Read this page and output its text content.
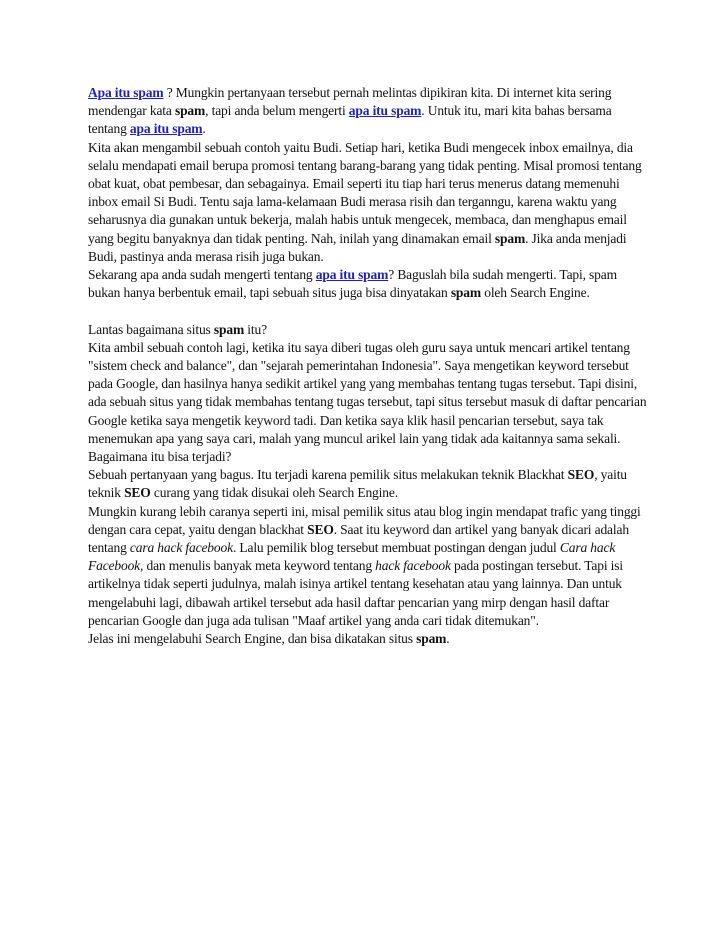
Apa itu spam ? Mungkin pertanyaan tersebut pernah melintas dipikiran kita. Di internet kita sering mendengar kata spam, tapi anda belum mengerti apa itu spam. Untuk itu, mari kita bahas bersama tentang apa itu spam.

Kita akan mengambil sebuah contoh yaitu Budi. Setiap hari, ketika Budi mengecek inbox emailnya, dia selalu mendapati email berupa promosi tentang barang-barang yang tidak penting. Misal promosi tentang obat kuat, obat pembesar, dan sebagainya. Email seperti itu tiap hari terus menerus datang memenuhi inbox email Si Budi. Tentu saja lama-kelamaan Budi merasa risih dan terganngu, karena waktu yang seharusnya dia gunakan untuk bekerja, malah habis untuk mengecek, membaca, dan menghapus email yang begitu banyaknya dan tidak penting. Nah, inilah yang dinamakan email spam. Jika anda menjadi Budi, pastinya anda merasa risih juga bukan.

Sekarang apa anda sudah mengerti tentang apa itu spam? Baguslah bila sudah mengerti. Tapi, spam bukan hanya berbentuk email, tapi sebuah situs juga bisa dinyatakan spam oleh Search Engine.

Lantas bagaimana situs spam itu?

Kita ambil sebuah contoh lagi, ketika itu saya diberi tugas oleh guru saya untuk mencari artikel tentang "sistem check and balance", dan "sejarah pemerintahan Indonesia". Saya mengetikan keyword tersebut pada Google, dan hasilnya hanya sedikit artikel yang yang membahas tentang tugas tersebut. Tapi disini, ada sebuah situs yang tidak membahas tentang tugas tersebut, tapi situs tersebut masuk di daftar pencarian Google ketika saya mengetik keyword tadi. Dan ketika saya klik hasil pencarian tersebut, saya tak menemukan apa yang saya cari, malah yang muncul arikel lain yang tidak ada kaitannya sama sekali.

Bagaimana itu bisa terjadi?

Sebuah pertanyaan yang bagus. Itu terjadi karena pemilik situs melakukan teknik Blackhat SEO, yaitu teknik SEO curang yang tidak disukai oleh Search Engine.

Mungkin kurang lebih caranya seperti ini, misal pemilik situs atau blog ingin mendapat trafic yang tinggi dengan cara cepat, yaitu dengan blackhat SEO. Saat itu keyword dan artikel yang banyak dicari adalah tentang cara hack facebook. Lalu pemilik blog tersebut membuat postingan dengan judul Cara hack Facebook, dan menulis banyak meta keyword tentang hack facebook pada postingan tersebut. Tapi isi artikelnya tidak seperti judulnya, malah isinya artikel tentang kesehatan atau yang lainnya. Dan untuk mengelabuhi lagi, dibawah artikel tersebut ada hasil daftar pencarian yang mirp dengan hasil daftar pencarian Google dan juga ada tulisan "Maaf artikel yang anda cari tidak ditemukan".

Jelas ini mengelabuhi Search Engine, dan bisa dikatakan situs spam.
